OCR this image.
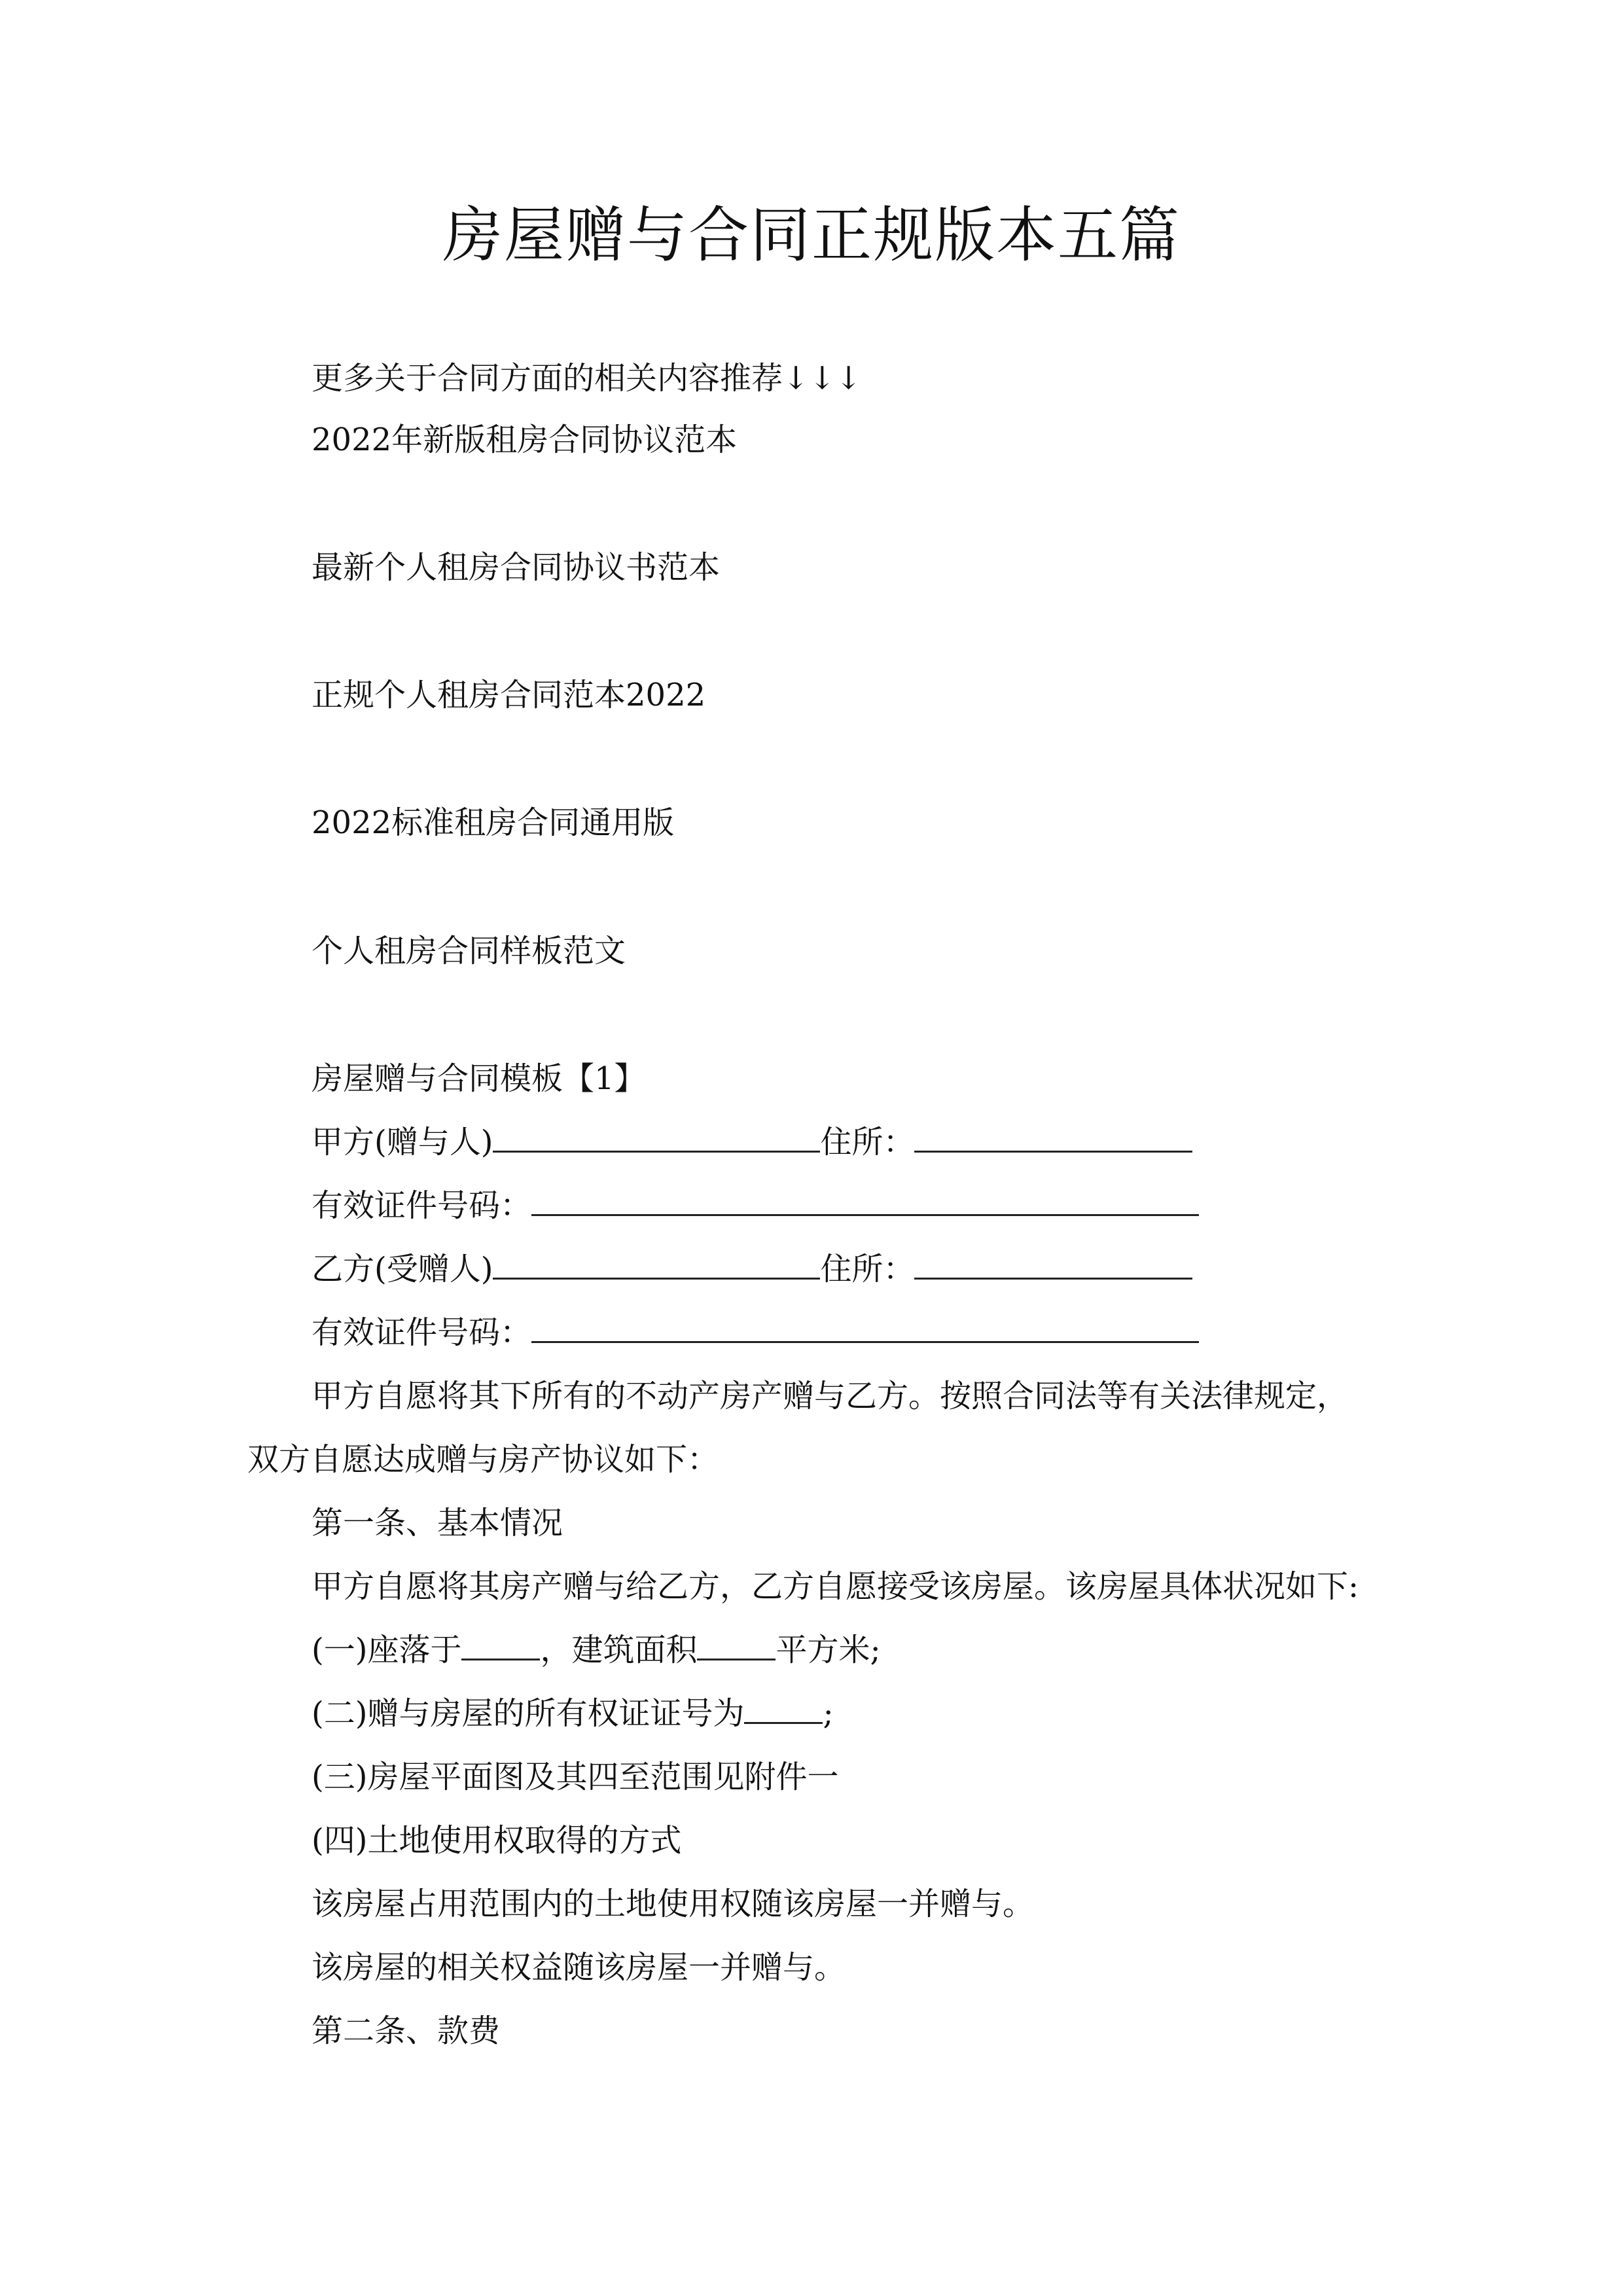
房屋赠与合同正规版本五篇
更多关于合同方面的相关内容推荐↓↓↓
2022年新版租房合同协议范本
最新个人租房合同协议书范本
正规个人租房合同范本2022
2022标准租房合同通用版
个人租房合同样板范文
房屋赠与合同模板【1】
甲方(赠与人)	住所：
有效证件号码：
乙方(受赠人)	住所：
有效证件号码：
甲方自愿将其下所有的不动产房产赠与乙方。按照合同法等有关法律规定，
双方自愿达成赠与房产协议如下：
第一条、基本情况
甲方自愿将其房产赠与给乙方，乙方自愿接受该房屋。该房屋具体状况如下:
(一)座落于	，建筑面积	平方米;
(二)赠与房屋的所有权证证号为	;
(三)房屋平面图及其四至范围见附件一
(四)土地使用权取得的方式
该房屋占用范围内的土地使用权随该房屋一并赠与。
该房屋的相关权益随该房屋一并赠与。
第二条、款费
